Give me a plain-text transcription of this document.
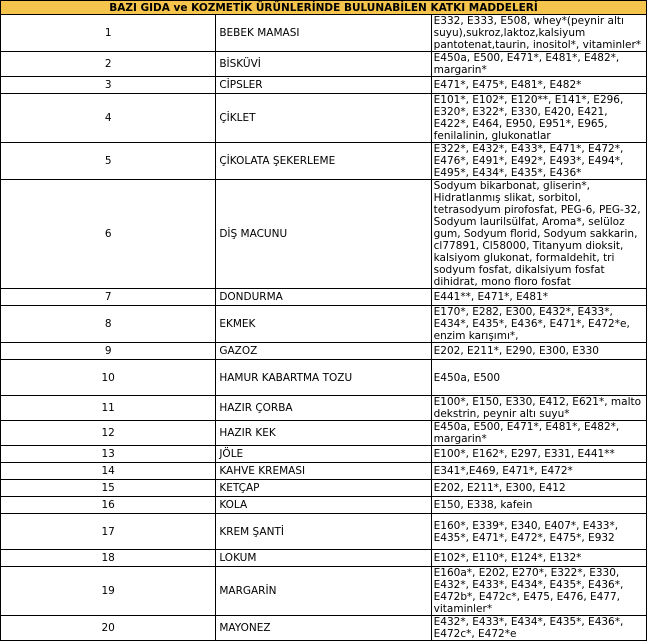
BAZI GIDA ve KOZMETİK ÜRÜNLERİNDE BULUNABİLEN KATKI MADDELERİ		
1	BEBEK MAMASI	E332, E333, E508, whey*(peynir altı suyu),sukroz,laktoz,kalsiyum pantotenat,taurin, inositol*, vitaminler*
2	BİSKÜVİ	E450a, E500, E471*, E481*, E482*, margarin*
3	CİPSLER	E471*, E475*, E481*, E482*
4	ÇİKLET	E101*, E102*, E120**, E141*, E296, E320*, E322*, E330, E420, E421, E422*, E464, E950, E951*, E965, fenilalinin, glukonatlar
5	ÇİKOLATA ŞEKERLEME	E322*, E432*, E433*, E471*, E472*, E476*, E491*, E492*, E493*, E494*, E495*, E434*, E435*, E436*
6	DİŞ MACUNU	Sodyum bikarbonat, gliserin*, Hidratlanmış slikat, sorbitol, tetrasodyum pirofosfat, PEG-6, PEG-32, Sodyum laurilsülfat, Aroma*, selüloz gum, Sodyum florid, Sodyum sakkarin, cl77891, Cl58000, Titanyum dioksit, kalsiyom glukonat, formaldehit, tri sodyum fosfat, dikalsiyum fosfat dihidrat, mono floro fosfat
7	DONDURMA	E441**, E471*, E481*
8	EKMEK	E170*, E282, E300, E432*, E433*, E434*, E435*, E436*, E471*, E472*e, enzim karışımı*,
9	GAZOZ	E202, E211*, E290, E300, E330
10	HAMUR KABARTMA TOZU	E450a, E500
11	HAZIR ÇORBA	E100*, E150, E330, E412, E621*, malto dekstrin, peynir altı suyu*
12	HAZIR KEK	E450a, E500, E471*, E481*, E482*, margarin*
13	JÖLE	E100*, E162*, E297, E331, E441**
14	KAHVE KREMASI	E341*,E469, E471*, E472*
15	KETÇAP	E202, E211*, E300, E412
16	KOLA	E150, E338, kafein
17	KREM ŞANTİ	E160*, E339*, E340, E407*, E433*, E435*, E471*, E472*, E475*, E932
18	LOKUM	E102*, E110*, E124*, E132*
19	MARGARİN	E160a*, E202, E270*, E322*, E330, E432*, E433*, E434*, E435*, E436*, E472b*, E472c*, E475, E476, E477, vitaminler*
20	MAYONEZ	E432*, E433*, E434*, E435*, E436*, E472c*, E472*e
